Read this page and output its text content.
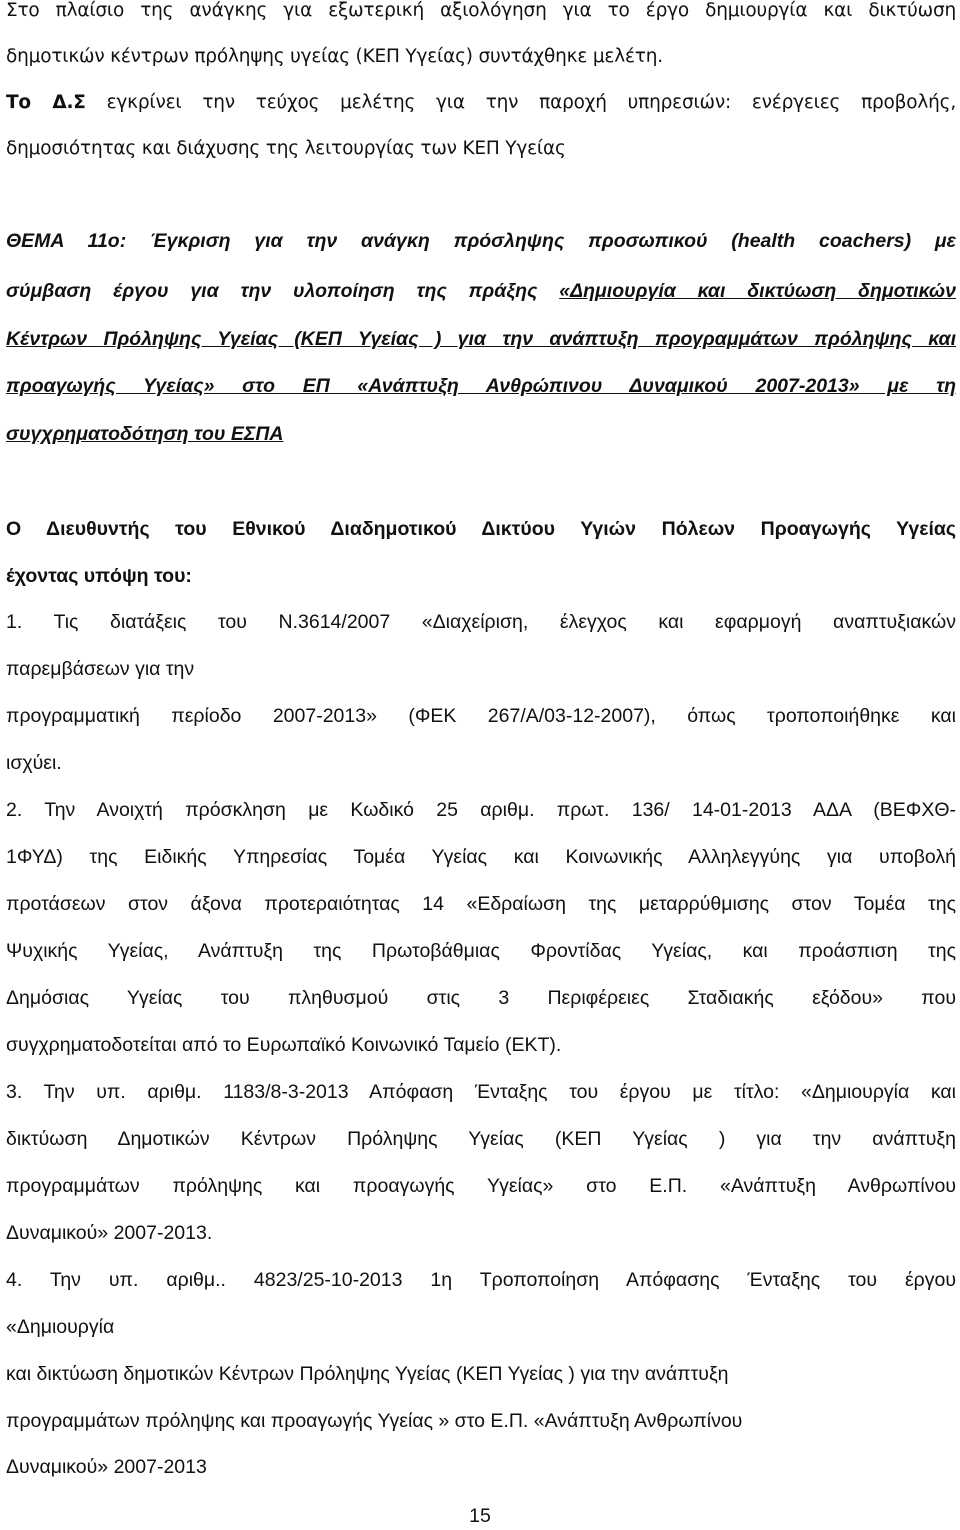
Στο πλαίσιο της ανάγκης για εξωτερική αξιολόγηση για το έργο δημιουργία και δικτύωση
δημοτικών κέντρων πρόληψης υγείας (ΚΕΠ Υγείας) συντάχθηκε μελέτη.
Το Δ.Σ εγκρίνει την τεύχος μελέτης για την παροχή υπηρεσιών: ενέργειες προβολής,
δημοσιότητας και διάχυσης της λειτουργίας των ΚΕΠ Υγείας
ΘΕΜΑ 11ο: Έγκριση για την ανάγκη πρόσληψης προσωπικού (health coachers) με
σύμβαση έργου για την υλοποίηση της πράξης «Δημιουργία και δικτύωση δημοτικών
Κέντρων Πρόληψης Υγείας (ΚΕΠ Υγείας ) για την ανάπτυξη προγραμμάτων πρόληψης και
προαγωγής Υγείας» στο ΕΠ «Ανάπτυξη Ανθρώπινου Δυναμικού 2007-2013» με τη
συγχρηματοδότηση του ΕΣΠΑ
Ο Διευθυντής του Εθνικού Διαδημοτικού Δικτύου Υγιών Πόλεων Προαγωγής Υγείας
έχοντας υπόψη του:
1. Τις διατάξεις του Ν.3614/2007 «Διαχείριση, έλεγχος και εφαρμογή αναπτυξιακών
παρεμβάσεων για την
προγραμματική περίοδο 2007-2013» (ΦΕΚ 267/Α/03-12-2007), όπως τροποποιήθηκε και
ισχύει.
2. Την Ανοιχτή πρόσκληση με Κωδικό 25 αριθμ. πρωτ. 136/ 14-01-2013 ΑΔΑ (ΒΕΦΧΘ-
1ΦΥΔ) της Ειδικής Υπηρεσίας Τομέα Υγείας και Κοινωνικής Αλληλεγγύης για υποβολή
προτάσεων στον άξονα προτεραιότητας 14 «Εδραίωση της μεταρρύθμισης στον Τομέα της
Ψυχικής Υγείας, Ανάπτυξη της Πρωτοβάθμιας Φροντίδας Υγείας, και προάσπιση της
Δημόσιας Υγείας του πληθυσμού στις 3 Περιφέρειες Σταδιακής εξόδου» που
συγχρηματοδοτείται από το Ευρωπαϊκό Κοινωνικό Ταμείο (ΕΚΤ).
3. Την υπ. αριθμ. 1183/8-3-2013 Απόφαση Ένταξης του έργου με τίτλο: «Δημιουργία και
δικτύωση Δημοτικών Κέντρων Πρόληψης Υγείας (ΚΕΠ Υγείας ) για την ανάπτυξη
προγραμμάτων πρόληψης και προαγωγής Υγείας» στο Ε.Π. «Ανάπτυξη Ανθρωπίνου
Δυναμικού» 2007-2013.
4. Την υπ. αριθμ.. 4823/25-10-2013 1η Τροποποίηση Απόφασης Ένταξης του έργου
«Δημιουργία
και δικτύωση δημοτικών Κέντρων Πρόληψης Υγείας (ΚΕΠ Υγείας ) για την ανάπτυξη
προγραμμάτων πρόληψης και προαγωγής Υγείας » στο Ε.Π. «Ανάπτυξη Ανθρωπίνου
Δυναμικού» 2007-2013
15
